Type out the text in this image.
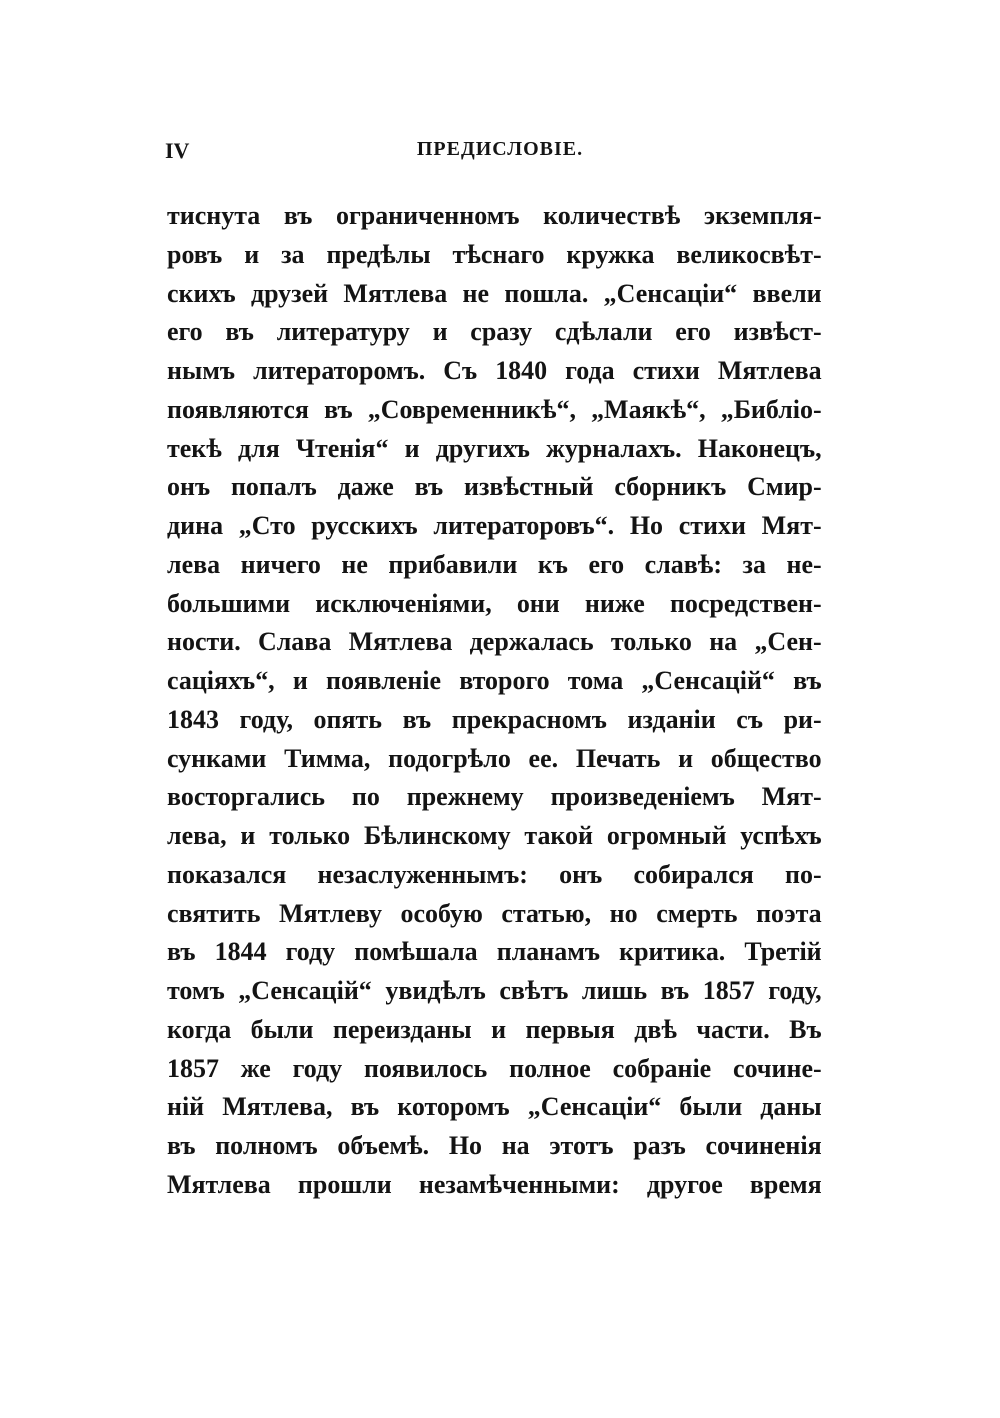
IV	ПРЕДИСЛОВІЕ.
тиснута въ ограниченномъ количествѣ экземпля-
ровъ и за предѣлы тѣснаго кружка великосвѣт-
скихъ друзей Мятлева не пошла. „Сенсаціи“ ввели
его въ литературу и сразу сдѣлали его извѣст-
нымъ литераторомъ. Съ 1840 года стихи Мятлева
появляются въ „Современникѣ“, „Маякѣ“, „Библіо-
текѣ для Чтенія“ и другихъ журналахъ. Наконецъ,
онъ попалъ даже въ извѣстный сборникъ Смир-
дина „Сто русскихъ литераторовъ“. Но стихи Мят-
лева ничего не прибавили къ его славѣ: за не-
большими исключеніями, они ниже посредствен-
ности. Слава Мятлева держалась только на „Сен-
саціяхъ“, и появленіе второго тома „Сенсацій“ въ
1843 году, опять въ прекрасномъ изданіи съ ри-
сунками Тимма, подогрѣло ее. Печать и общество
восторгались по прежнему произведеніемъ Мят-
лева, и только Бѣлинскому такой огромный успѣхъ
показался незаслуженнымъ: онъ собирался по-
святить Мятлеву особую статью, но смерть поэта
въ 1844 году помѣшала планамъ критика. Третій
томъ „Сенсацій“ увидѣлъ свѣтъ лишь въ 1857 году,
когда были переизданы и первыя двѣ части. Въ
1857 же году появилось полное собраніе сочине-
ній Мятлева, въ которомъ „Сенсаціи“ были даны
въ полномъ объемѣ. Но на этотъ разъ сочиненія
Мятлева прошли незамѣченными: другое время
